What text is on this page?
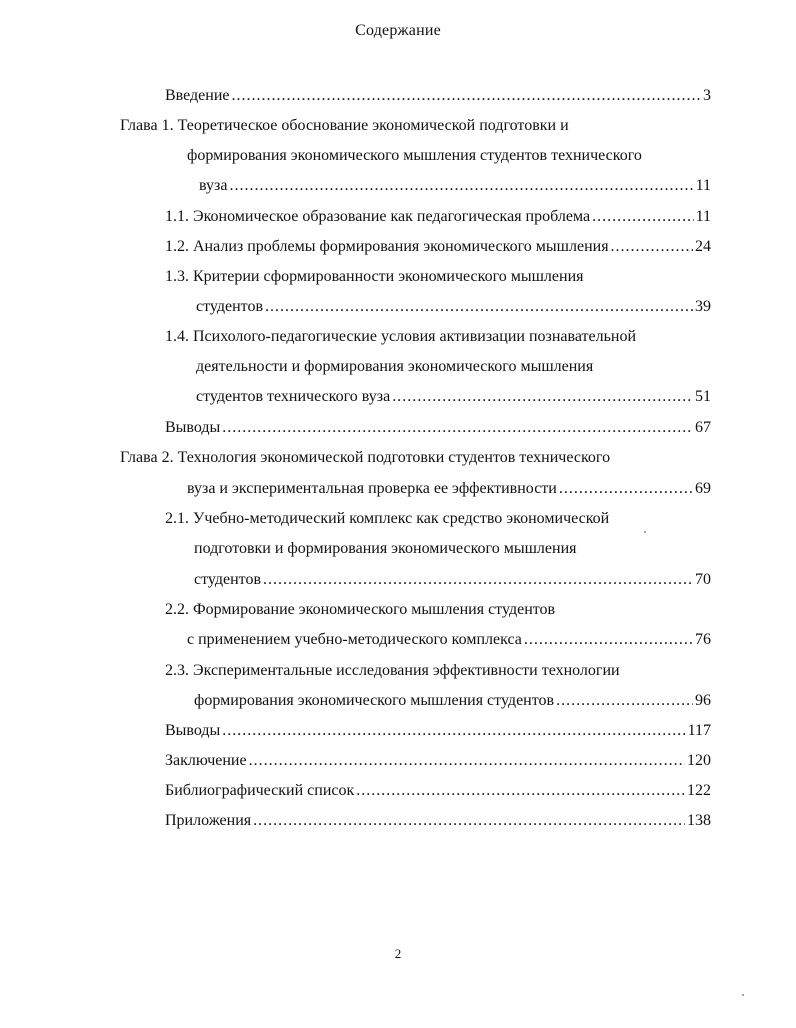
Содержание
Введение .....	3
Глава 1. Теоретическое обоснование экономической подготовки и
формирования экономического мышления студентов технического
вуза .....	11
1.1. Экономическое образование как педагогическая проблема .....	11
1.2. Анализ проблемы формирования экономического мышления .....	24
1.3. Критерии сформированности экономического мышления
студентов .....	39
1.4. Психолого-педагогические условия активизации познавательной
деятельности и формирования экономического мышления
студентов технического вуза .....	51
Выводы .....	67
Глава 2. Технология экономической подготовки студентов технического
вуза и экспериментальная проверка ее эффективности .....	69
2.1. Учебно-методический комплекс как средство экономической
подготовки и формирования экономического мышления
студентов .....	70
2.2. Формирование экономического мышления студентов
с применением учебно-методического комплекса .....	76
2.3. Экспериментальные исследования эффективности технологии
формирования экономического мышления студентов .....	96
Выводы .....	117
Заключение .....	120
Библиографический список .....	122
Приложения .....	138
2
